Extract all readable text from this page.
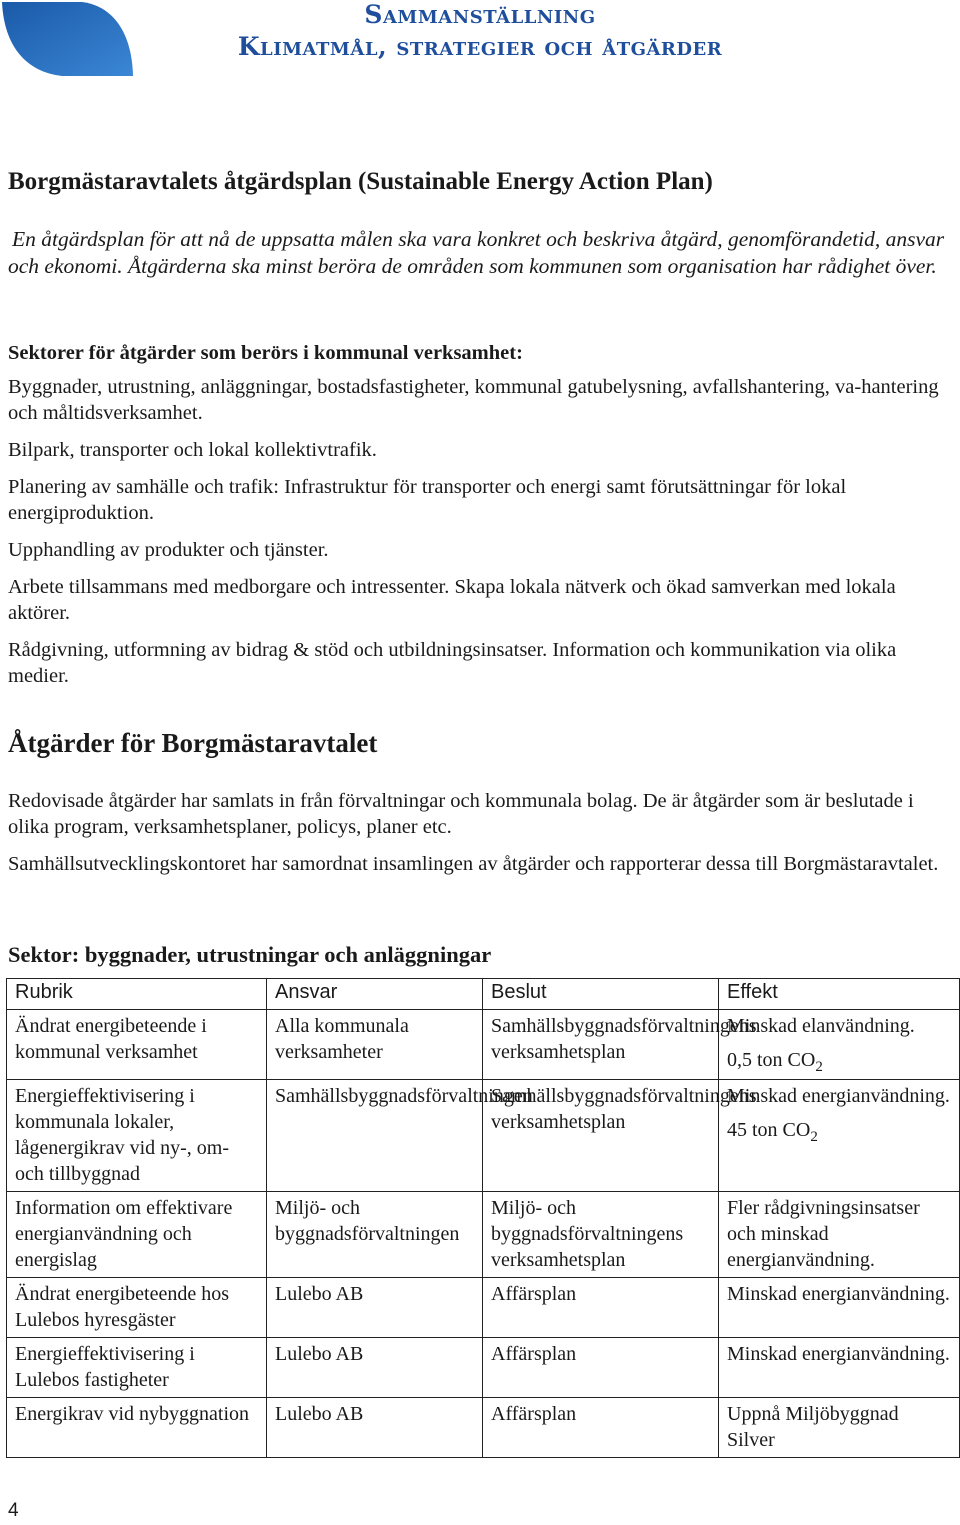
Sammanställning
Klimatmål, strategier och åtgärder
Borgmästaravtalets åtgärdsplan (Sustainable Energy Action Plan)

En åtgärdsplan för att nå de uppsatta målen ska vara konkret och beskriva åtgärd, genomförandetid, ansvar och ekonomi. Åtgärderna ska minst beröra de områden som kommunen som organisation har rådighet över.

Sektorer för åtgärder som berörs i kommunal verksamhet:

Byggnader, utrustning, anläggningar, bostadsfastigheter, kommunal gatubelysning, avfallshantering, va-hantering och måltidsverksamhet.

Bilpark, transporter och lokal kollektivtrafik.

Planering av samhälle och trafik: Infrastruktur för transporter och energi samt förutsättningar för lokal energiproduktion.

Upphandling av produkter och tjänster.

Arbete tillsammans med medborgare och intressenter. Skapa lokala nätverk och ökad samverkan med lokala aktörer.

Rådgivning, utformning av bidrag & stöd och utbildningsinsatser. Information och kommunikation via olika medier.

Åtgärder för Borgmästaravtalet

Redovisade åtgärder har samlats in från förvaltningar och kommunala bolag. De är åtgärder som är beslutade i olika program, verksamhetsplaner, policys, planer etc.

Samhällsutvecklingskontoret har samordnat insamlingen av åtgärder och rapporterar dessa till Borgmästaravtalet.

Sektor: byggnader, utrustningar och anläggningar
Rubrik	Ansvar	Beslut	Effekt
Ändrat energibeteende i kommunal verksamhet	Alla kommunala verksamheter	Samhällsbyggnadsförvaltningens verksamhetsplan	Minskad elanvändning.
0,5 ton $CO_2$

Energieffektivisering i kommunala lokaler, lågenergikrav vid ny-, om- och tillbyggnad	Samhällsbyggnadsförvaltningen	Samhällsbyggnadsförvaltningens verksamhetsplan	Minskad energianvändning.
45 ton $CO_2$

Information om effektivare energianvändning och energislag	Miljö- och byggnadsförvaltningen	Miljö- och byggnadsförvaltningens verksamhetsplan	Fler rådgivningsinsatser och minskad energianvändning.
Ändrat energibeteende hos Lulebos hyresgäster	Lulebo AB	Affärsplan	Minskad energianvändning.
Energieffektivisering i Lulebos fastigheter	Lulebo AB	Affärsplan	Minskad energianvändning.
Energikrav vid nybyggnation	Lulebo AB	Affärsplan	Uppnå Miljöbyggnad Silver
4
